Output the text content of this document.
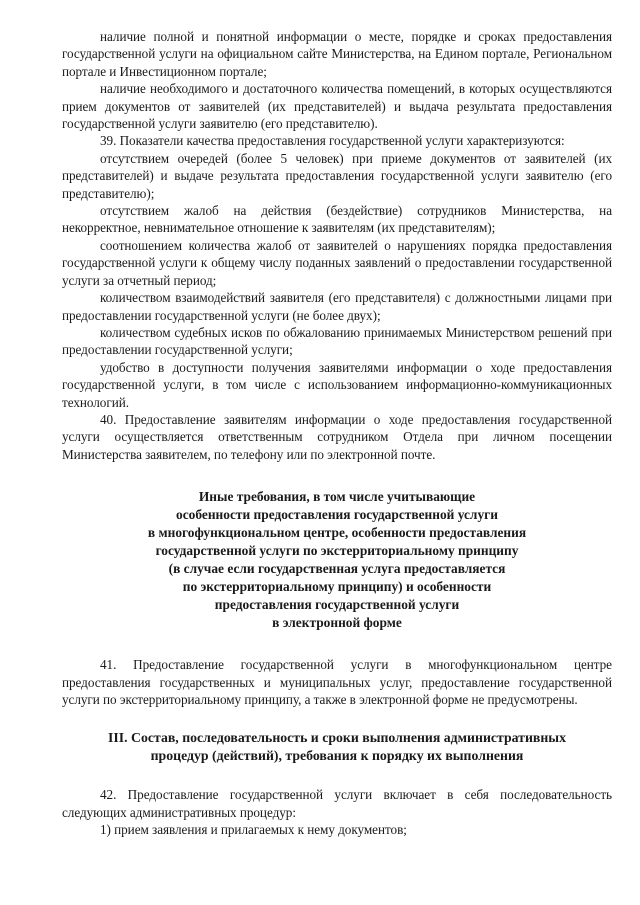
наличие полной и понятной информации о месте, порядке и сроках предоставления государственной услуги на официальном сайте Министерства, на Едином портале, Региональном портале и Инвестиционном портале;

наличие необходимого и достаточного количества помещений, в которых осуществляются прием документов от заявителей (их представителей) и выдача результата предоставления государственной услуги заявителю (его представителю).

39. Показатели качества предоставления государственной услуги характеризуются:

отсутствием очередей (более 5 человек) при приеме документов от заявителей (их представителей) и выдаче результата предоставления государственной услуги заявителю (его представителю);

отсутствием жалоб на действия (бездействие) сотрудников Министерства, на некорректное, невнимательное отношение к заявителям (их представителям);

соотношением количества жалоб от заявителей о нарушениях порядка предоставления государственной услуги к общему числу поданных заявлений о предоставлении государственной услуги за отчетный период;

количеством взаимодействий заявителя (его представителя) с должностными лицами при предоставлении государственной услуги (не более двух);

количеством судебных исков по обжалованию принимаемых Министерством решений при предоставлении государственной услуги;

удобство в доступности получения заявителями информации о ходе предоставления государственной услуги, в том числе с использованием информационно-коммуникационных технологий.

40. Предоставление заявителям информации о ходе предоставления государственной услуги осуществляется ответственным сотрудником Отдела при личном посещении Министерства заявителем, по телефону или по электронной почте.

Иные требования, в том числе учитывающие

особенности предоставления государственной услуги

в многофункциональном центре, особенности предоставления

государственной услуги по экстерриториальному принципу

(в случае если государственная услуга предоставляется

по экстерриториальному принципу) и особенности

предоставления государственной услуги

в электронной форме

41. Предоставление государственной услуги в многофункциональном центре предоставления государственных и муниципальных услуг, предоставление государственной услуги по экстерриториальному принципу, а также в электронной форме не предусмотрены.

III. Состав, последовательность и сроки выполнения административных

процедур (действий), требования к порядку их выполнения

42. Предоставление государственной услуги включает в себя последовательность следующих административных процедур:

1) прием заявления и прилагаемых к нему документов;
